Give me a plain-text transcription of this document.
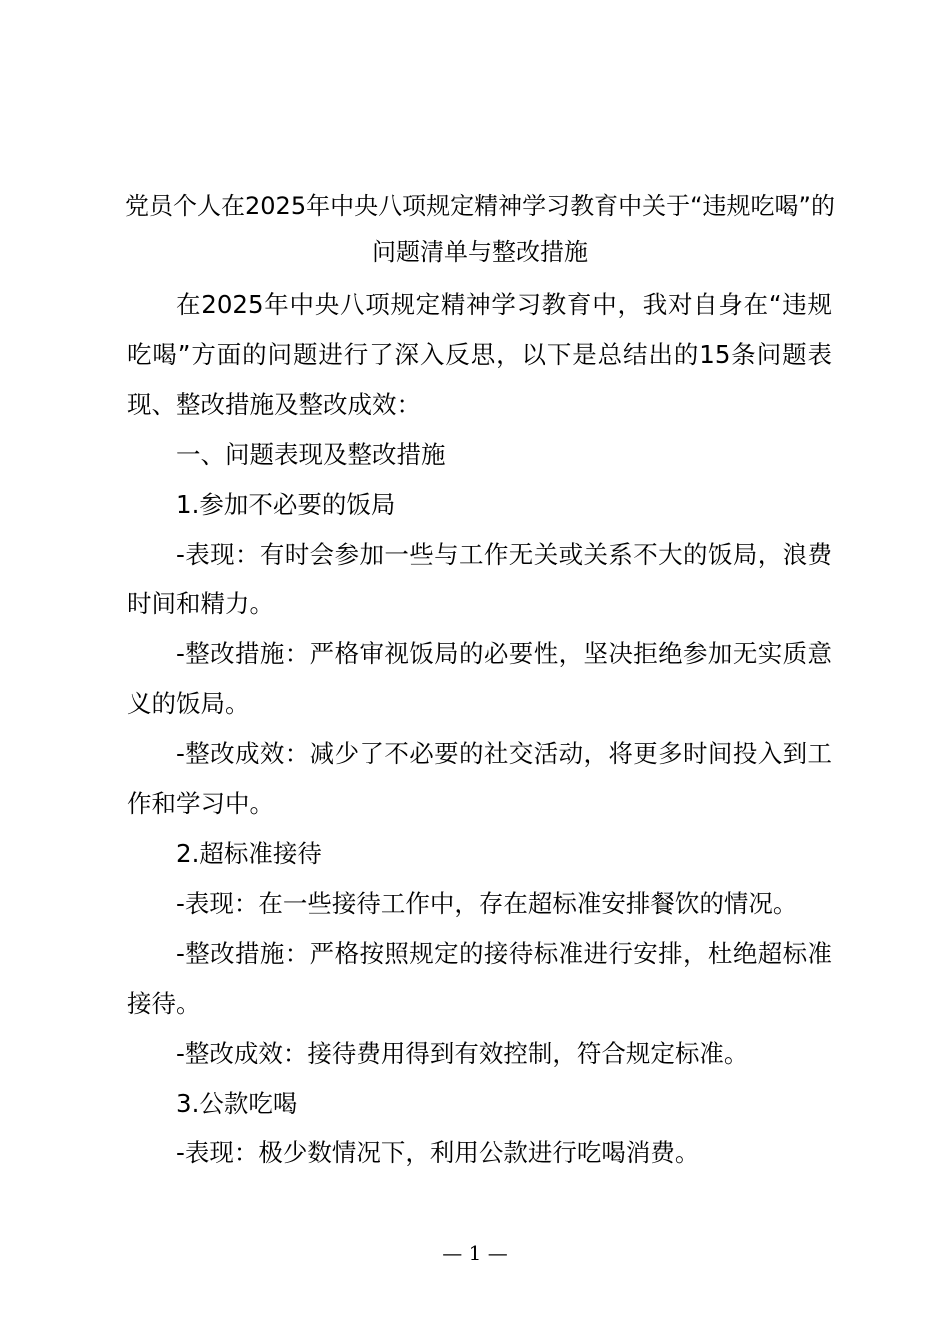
党员个人在2025年中央八项规定精神学习教育中关于“违规吃喝”的问题清单与整改措施

在2025年中央八项规定精神学习教育中，我对自身在“违规吃喝”方面的问题进行了深入反思，以下是总结出的15条问题表现、整改措施及整改成效：

一、问题表现及整改措施

1.参加不必要的饭局

-表现：有时会参加一些与工作无关或关系不大的饭局，浪费时间和精力。

-整改措施：严格审视饭局的必要性，坚决拒绝参加无实质意义的饭局。

-整改成效：减少了不必要的社交活动，将更多时间投入到工作和学习中。

2.超标准接待

-表现：在一些接待工作中，存在超标准安排餐饮的情况。

-整改措施：严格按照规定的接待标准进行安排，杜绝超标准接待。

-整改成效：接待费用得到有效控制，符合规定标准。

3.公款吃喝

-表现：极少数情况下，利用公款进行吃喝消费。

— 1 —
